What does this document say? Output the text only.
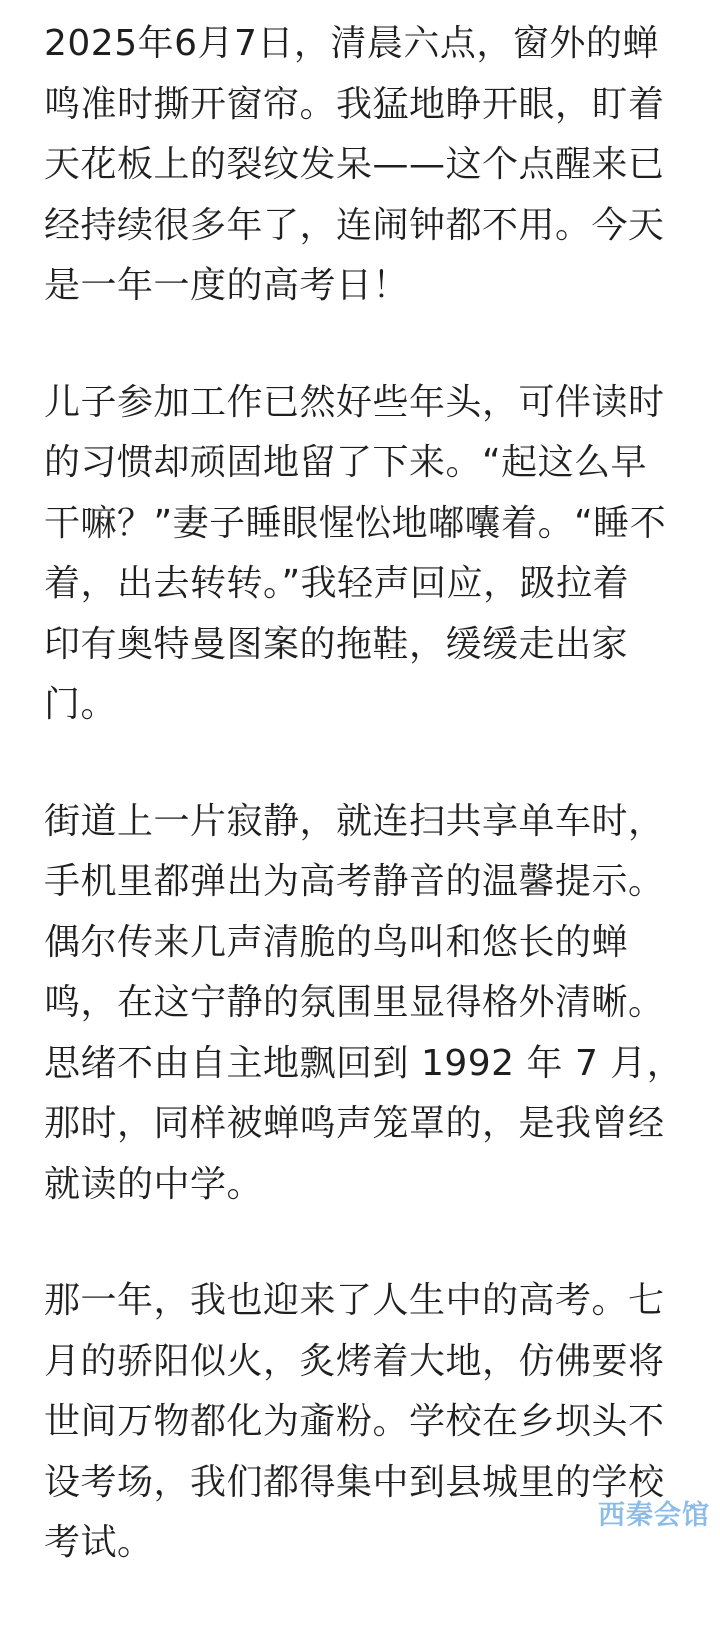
2025年6月7日，清晨六点，窗外的蝉
鸣准时撕开窗帘。我猛地睁开眼，盯着
天花板上的裂纹发呆——这个点醒来已
经持续很多年了，连闹钟都不用。今天
是一年一度的高考日！

儿子参加工作已然好些年头，可伴读时
的习惯却顽固地留了下来。“起这么早
干嘛？”妻子睡眼惺忪地嘟囔着。“睡不
着，出去转转。”我轻声回应，趿拉着
印有奥特曼图案的拖鞋，缓缓走出家
门。

街道上一片寂静，就连扫共享单车时，
手机里都弹出为高考静音的温馨提示。
偶尔传来几声清脆的鸟叫和悠长的蝉
鸣，在这宁静的氛围里显得格外清晰。
思绪不由自主地飘回到 1992 年 7 月，
那时，同样被蝉鸣声笼罩的，是我曾经
就读的中学。

那一年，我也迎来了人生中的高考。七
月的骄阳似火，炙烤着大地，仿佛要将
世间万物都化为齑粉。学校在乡坝头不
设考场，我们都得集中到县城里的学校
考试。

西秦会馆
